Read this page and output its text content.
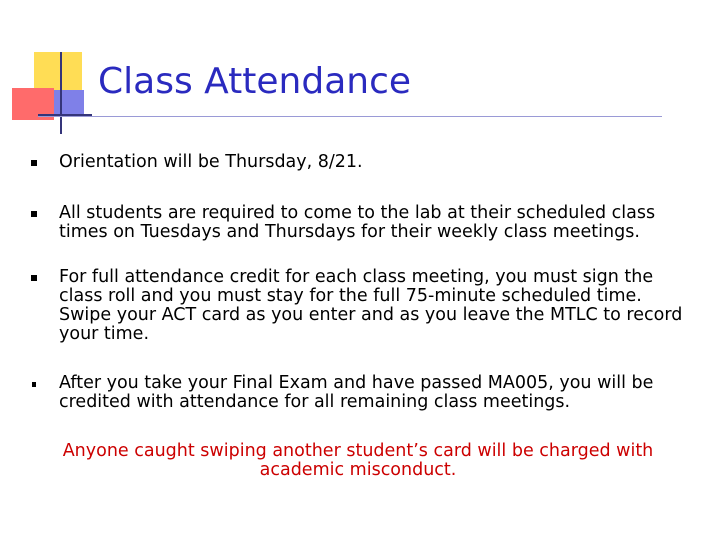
Class Attendance
Orientation will be Thursday, 8/21.
All students are required to come to the lab at their scheduled class times on Tuesdays and Thursdays for their weekly class meetings.
For full attendance credit for each class meeting, you must sign the class roll and you must stay for the full 75-minute scheduled time. Swipe your ACT card as you enter and as you leave the MTLC to record your time.
After you take your Final Exam and have passed MA005, you will be credited with attendance for all remaining class meetings.

Anyone caught swiping another student’s card will be charged with academic misconduct.
